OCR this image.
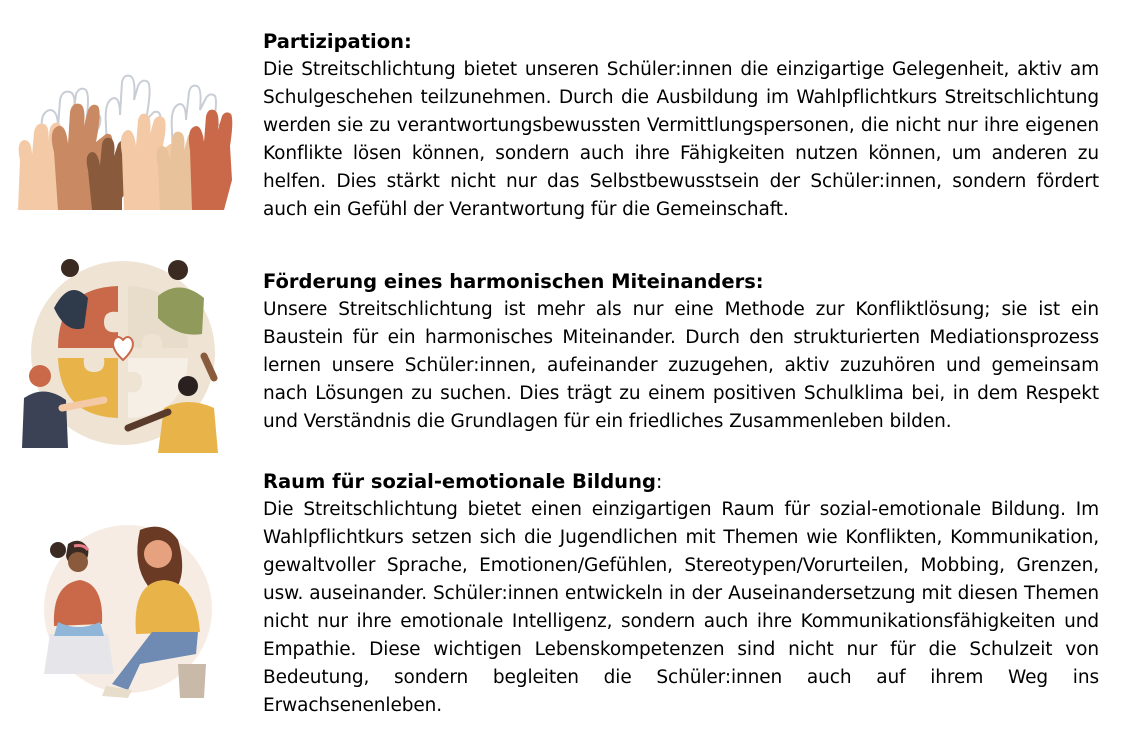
Partizipation:

Die Streitschlichtung bietet unseren Schüler:innen die einzigartige Gelegenheit, aktiv am Schulgeschehen teilzunehmen. Durch die Ausbildung im Wahlpflichtkurs Streitschlichtung werden sie zu verantwortungsbewussten Vermittlungspersonen, die nicht nur ihre eigenen Konflikte lösen können, sondern auch ihre Fähigkeiten nutzen können, um anderen zu helfen. Dies stärkt nicht nur das Selbstbewusstsein der Schüler:innen, sondern fördert auch ein Gefühl der Verantwortung für die Gemeinschaft.

Förderung eines harmonischen Miteinanders:

Unsere Streitschlichtung ist mehr als nur eine Methode zur Konfliktlösung; sie ist ein Baustein für ein harmonisches Miteinander. Durch den strukturierten Mediationsprozess lernen unsere Schüler:innen, aufeinander zuzugehen, aktiv zuzuhören und gemeinsam nach Lösungen zu suchen. Dies trägt zu einem positiven Schulklima bei, in dem Respekt und Verständnis die Grundlagen für ein friedliches Zusammenleben bilden.

Raum für sozial-emotionale Bildung:

Die Streitschlichtung bietet einen einzigartigen Raum für sozial-emotionale Bildung. Im Wahlpflichtkurs setzen sich die Jugendlichen mit Themen wie Konflikten, Kommunikation, gewaltvoller Sprache, Emotionen/Gefühlen, Stereotypen/Vorurteilen, Mobbing, Grenzen, usw. auseinander. Schüler:innen entwickeln in der Auseinandersetzung mit diesen Themen nicht nur ihre emotionale Intelligenz, sondern auch ihre Kommunikationsfähigkeiten und Empathie. Diese wichtigen Lebenskompetenzen sind nicht nur für die Schulzeit von Bedeutung, sondern begleiten die Schüler:innen auch auf ihrem Weg ins Erwachsenenleben.
